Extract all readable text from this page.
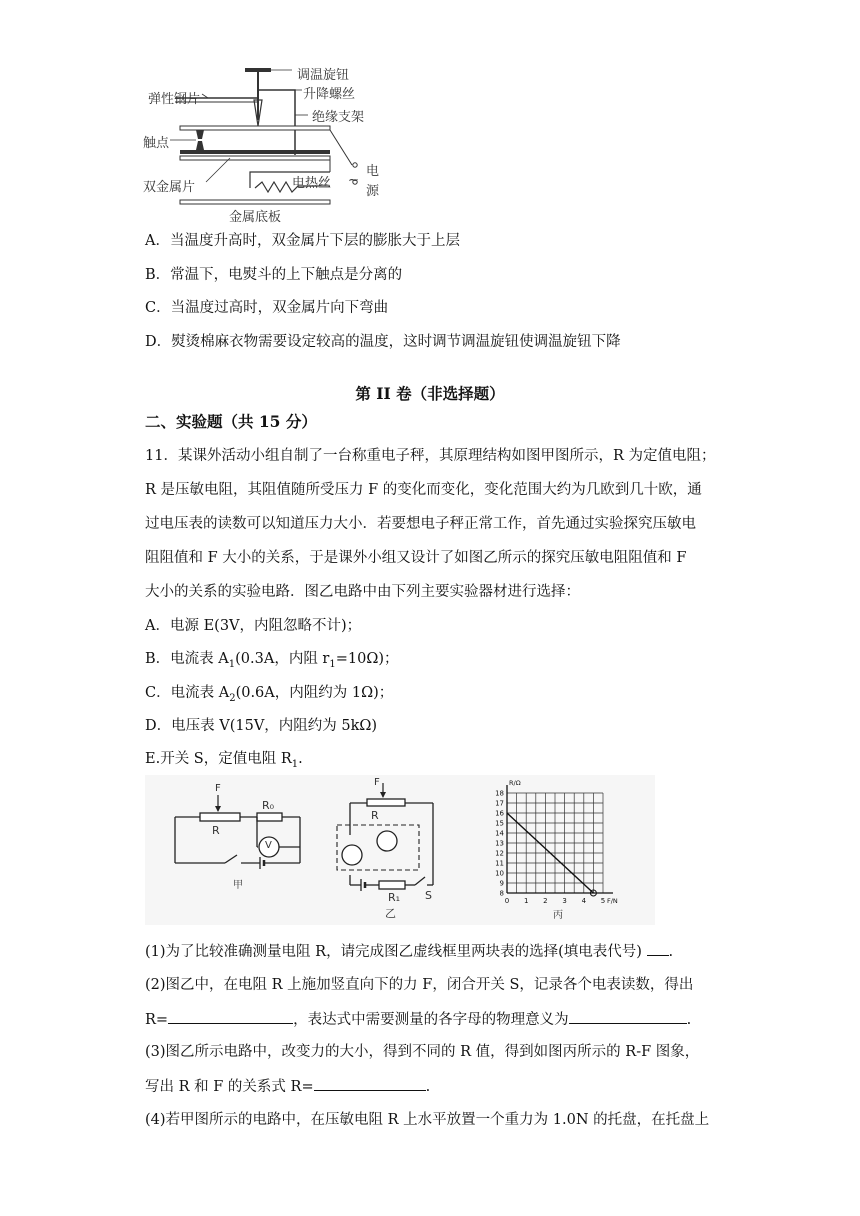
调温旋钮
升降螺丝
绝缘支架
弹性钢片
触点
双金属片	电热丝
电
~
源
金属底板
A．当温度升高时，双金属片下层的膨胀大于上层
B．常温下，电熨斗的上下触点是分离的
C．当温度过高时，双金属片向下弯曲
D．熨烫棉麻衣物需要设定较高的温度，这时调节调温旋钮使调温旋钮下降
第 II 卷（非选择题）
二、实验题（共 15 分）
11．某课外活动小组自制了一台称重电子秤，其原理结构如图甲图所示，R 为定值电阻；
R 是压敏电阻，其阻值随所受压力 F 的变化而变化，变化范围大约为几欧到几十欧，通
过电压表的读数可以知道压力大小．若要想电子秤正常工作，首先通过实验探究压敏电
阻阻值和 F 大小的关系，于是课外小组又设计了如图乙所示的探究压敏电阻阻值和 F
大小的关系的实验电路．图乙电路中由下列主要实验器材进行选择：
A．电源 E(3V，内阻忽略不计)；
B．电流表 $A_1(0.3A$，内阻 $r_1=10\Omega$)；
C．电流表 $A_2(0.6A$，内阻约为 1Ω)；
D．电压表 V(15V，内阻约为 5kΩ)
E.开关 S，定值电阻 $R_1$.
0 1 2 3 4 5
8
9
10
11
12
13
14
15
16
17
18
R/Ω
F/N
F
R₀
R
V
甲
F
R
R₁ S
乙	丙
(1)为了比较准确测量电阻 R，请完成图乙虚线框里两块表的选择(填电表代号) .
(2)图乙中，在电阻 R 上施加竖直向下的力 F，闭合开关 S，记录各个电表读数，得出
R=	，表达式中需要测量的各字母的物理意义为	.
(3)图乙所示电路中，改变力的大小，得到不同的 R 值，得到如图丙所示的 R-F 图象，
写出 R 和 F 的关系式 R=	.
(4)若甲图所示的电路中，在压敏电阻 R 上水平放置一个重力为 1.0N 的托盘，在托盘上
